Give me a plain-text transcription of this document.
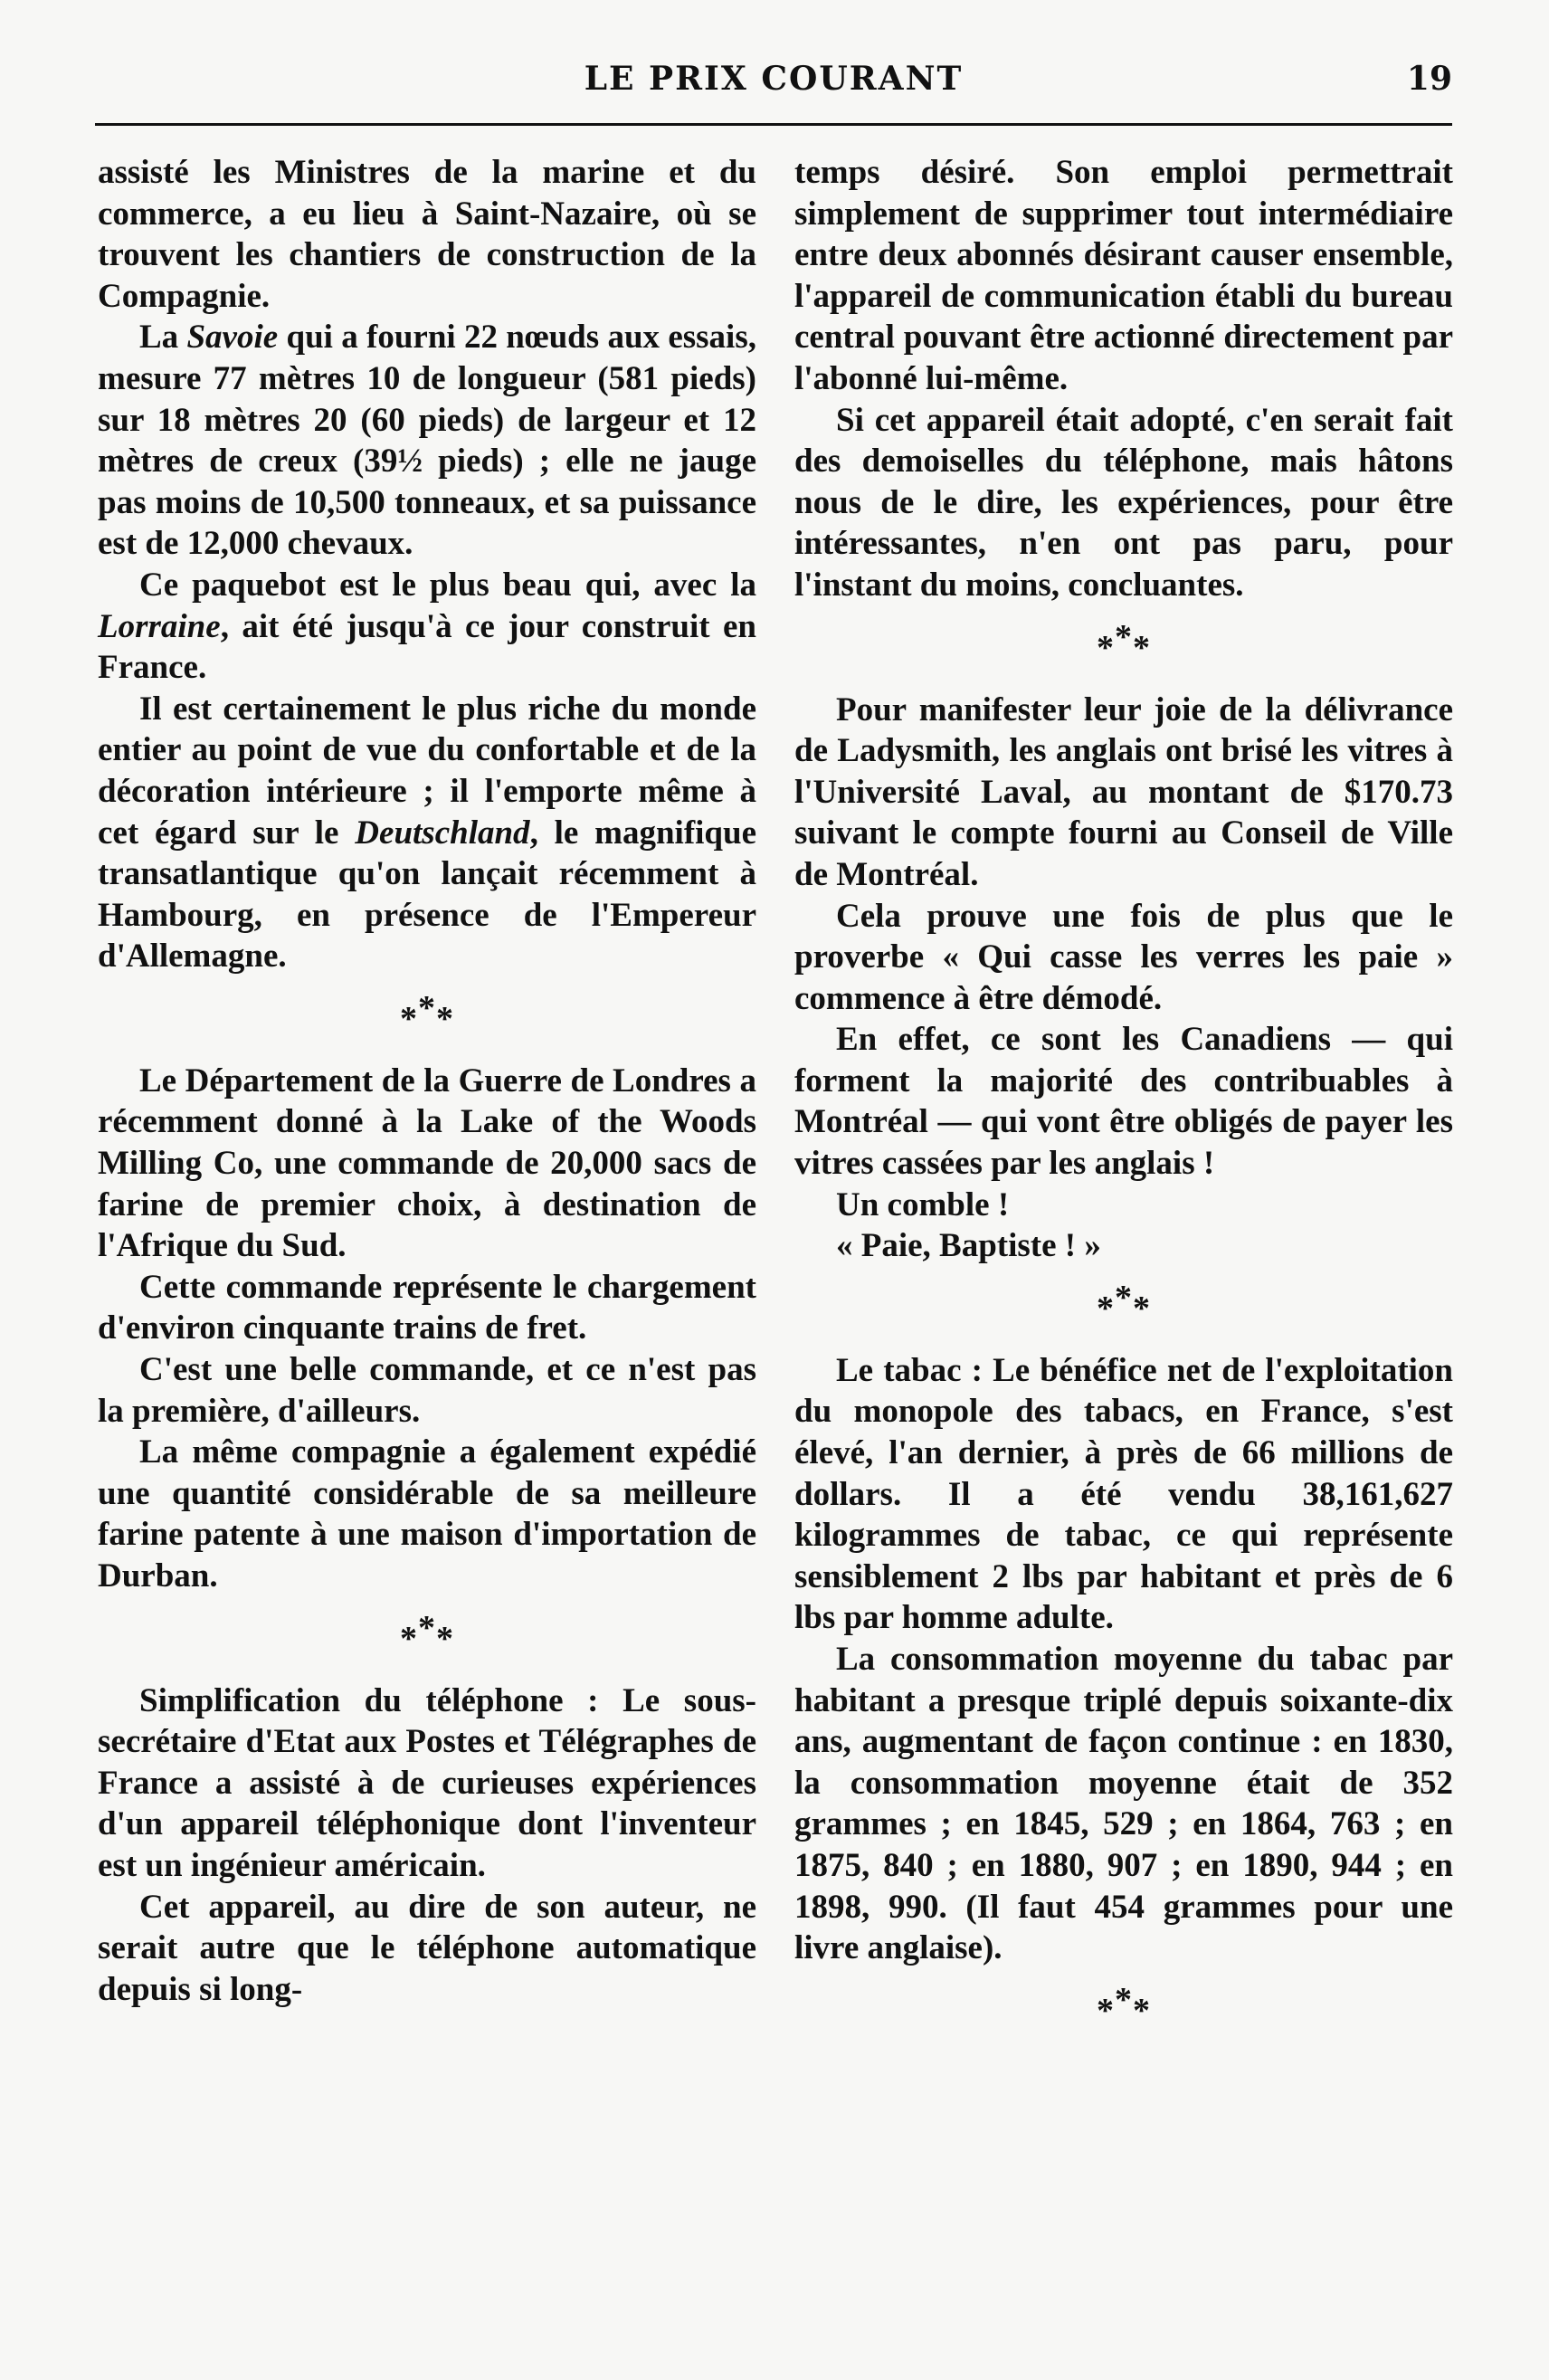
LE PRIX COURANT	19

assisté les Ministres de la marine et du commerce, a eu lieu à Saint-Nazaire, où se trouvent les chantiers de construction de la Compagnie.

La Savoie qui a fourni 22 nœuds aux essais, mesure 77 mètres 10 de longueur (581 pieds) sur 18 mètres 20 (60 pieds) de largeur et 12 mètres de creux (39½ pieds) ; elle ne jauge pas moins de 10,500 tonneaux, et sa puissance est de 12,000 chevaux.

Ce paquebot est le plus beau qui, avec la Lorraine, ait été jusqu'à ce jour construit en France.

Il est certainement le plus riche du monde entier au point de vue du confortable et de la décoration intérieure ; il l'emporte même à cet égard sur le Deutschland, le magnifique transatlantique qu'on lançait récemment à Hambourg, en présence de l'Empereur d'Allemagne.

***

Le Département de la Guerre de Londres a récemment donné à la Lake of the Woods Milling Co, une commande de 20,000 sacs de farine de premier choix, à destination de l'Afrique du Sud.

Cette commande représente le chargement d'environ cinquante trains de fret.

C'est une belle commande, et ce n'est pas la première, d'ailleurs.

La même compagnie a également expédié une quantité considérable de sa meilleure farine patente à une maison d'importation de Durban.

***

Simplification du téléphone : Le sous-secrétaire d'Etat aux Postes et Télégraphes de France a assisté à de curieuses expériences d'un appareil téléphonique dont l'inventeur est un ingénieur américain.

Cet appareil, au dire de son auteur, ne serait autre que le téléphone automatique depuis si long-

temps désiré. Son emploi permettrait simplement de supprimer tout intermédiaire entre deux abonnés désirant causer ensemble, l'appareil de communication établi du bureau central pouvant être actionné directement par l'abonné lui-même.

Si cet appareil était adopté, c'en serait fait des demoiselles du téléphone, mais hâtons nous de le dire, les expériences, pour être intéressantes, n'en ont pas paru, pour l'instant du moins, concluantes.

***

Pour manifester leur joie de la délivrance de Ladysmith, les anglais ont brisé les vitres à l'Université Laval, au montant de $170.73 suivant le compte fourni au Conseil de Ville de Montréal.

Cela prouve une fois de plus que le proverbe « Qui casse les verres les paie » commence à être démodé.

En effet, ce sont les Canadiens — qui forment la majorité des contribuables à Montréal — qui vont être obligés de payer les vitres cassées par les anglais !

Un comble !

« Paie, Baptiste ! »

***

Le tabac : Le bénéfice net de l'exploitation du monopole des tabacs, en France, s'est élevé, l'an dernier, à près de 66 millions de dollars. Il a été vendu 38,161,627 kilogrammes de tabac, ce qui représente sensiblement 2 lbs par habitant et près de 6 lbs par homme adulte.

La consommation moyenne du tabac par habitant a presque triplé depuis soixante-dix ans, augmentant de façon continue : en 1830, la consommation moyenne était de 352 grammes ; en 1845, 529 ; en 1864, 763 ; en 1875, 840 ; en 1880, 907 ; en 1890, 944 ; en 1898, 990. (Il faut 454 grammes pour une livre anglaise).

***
